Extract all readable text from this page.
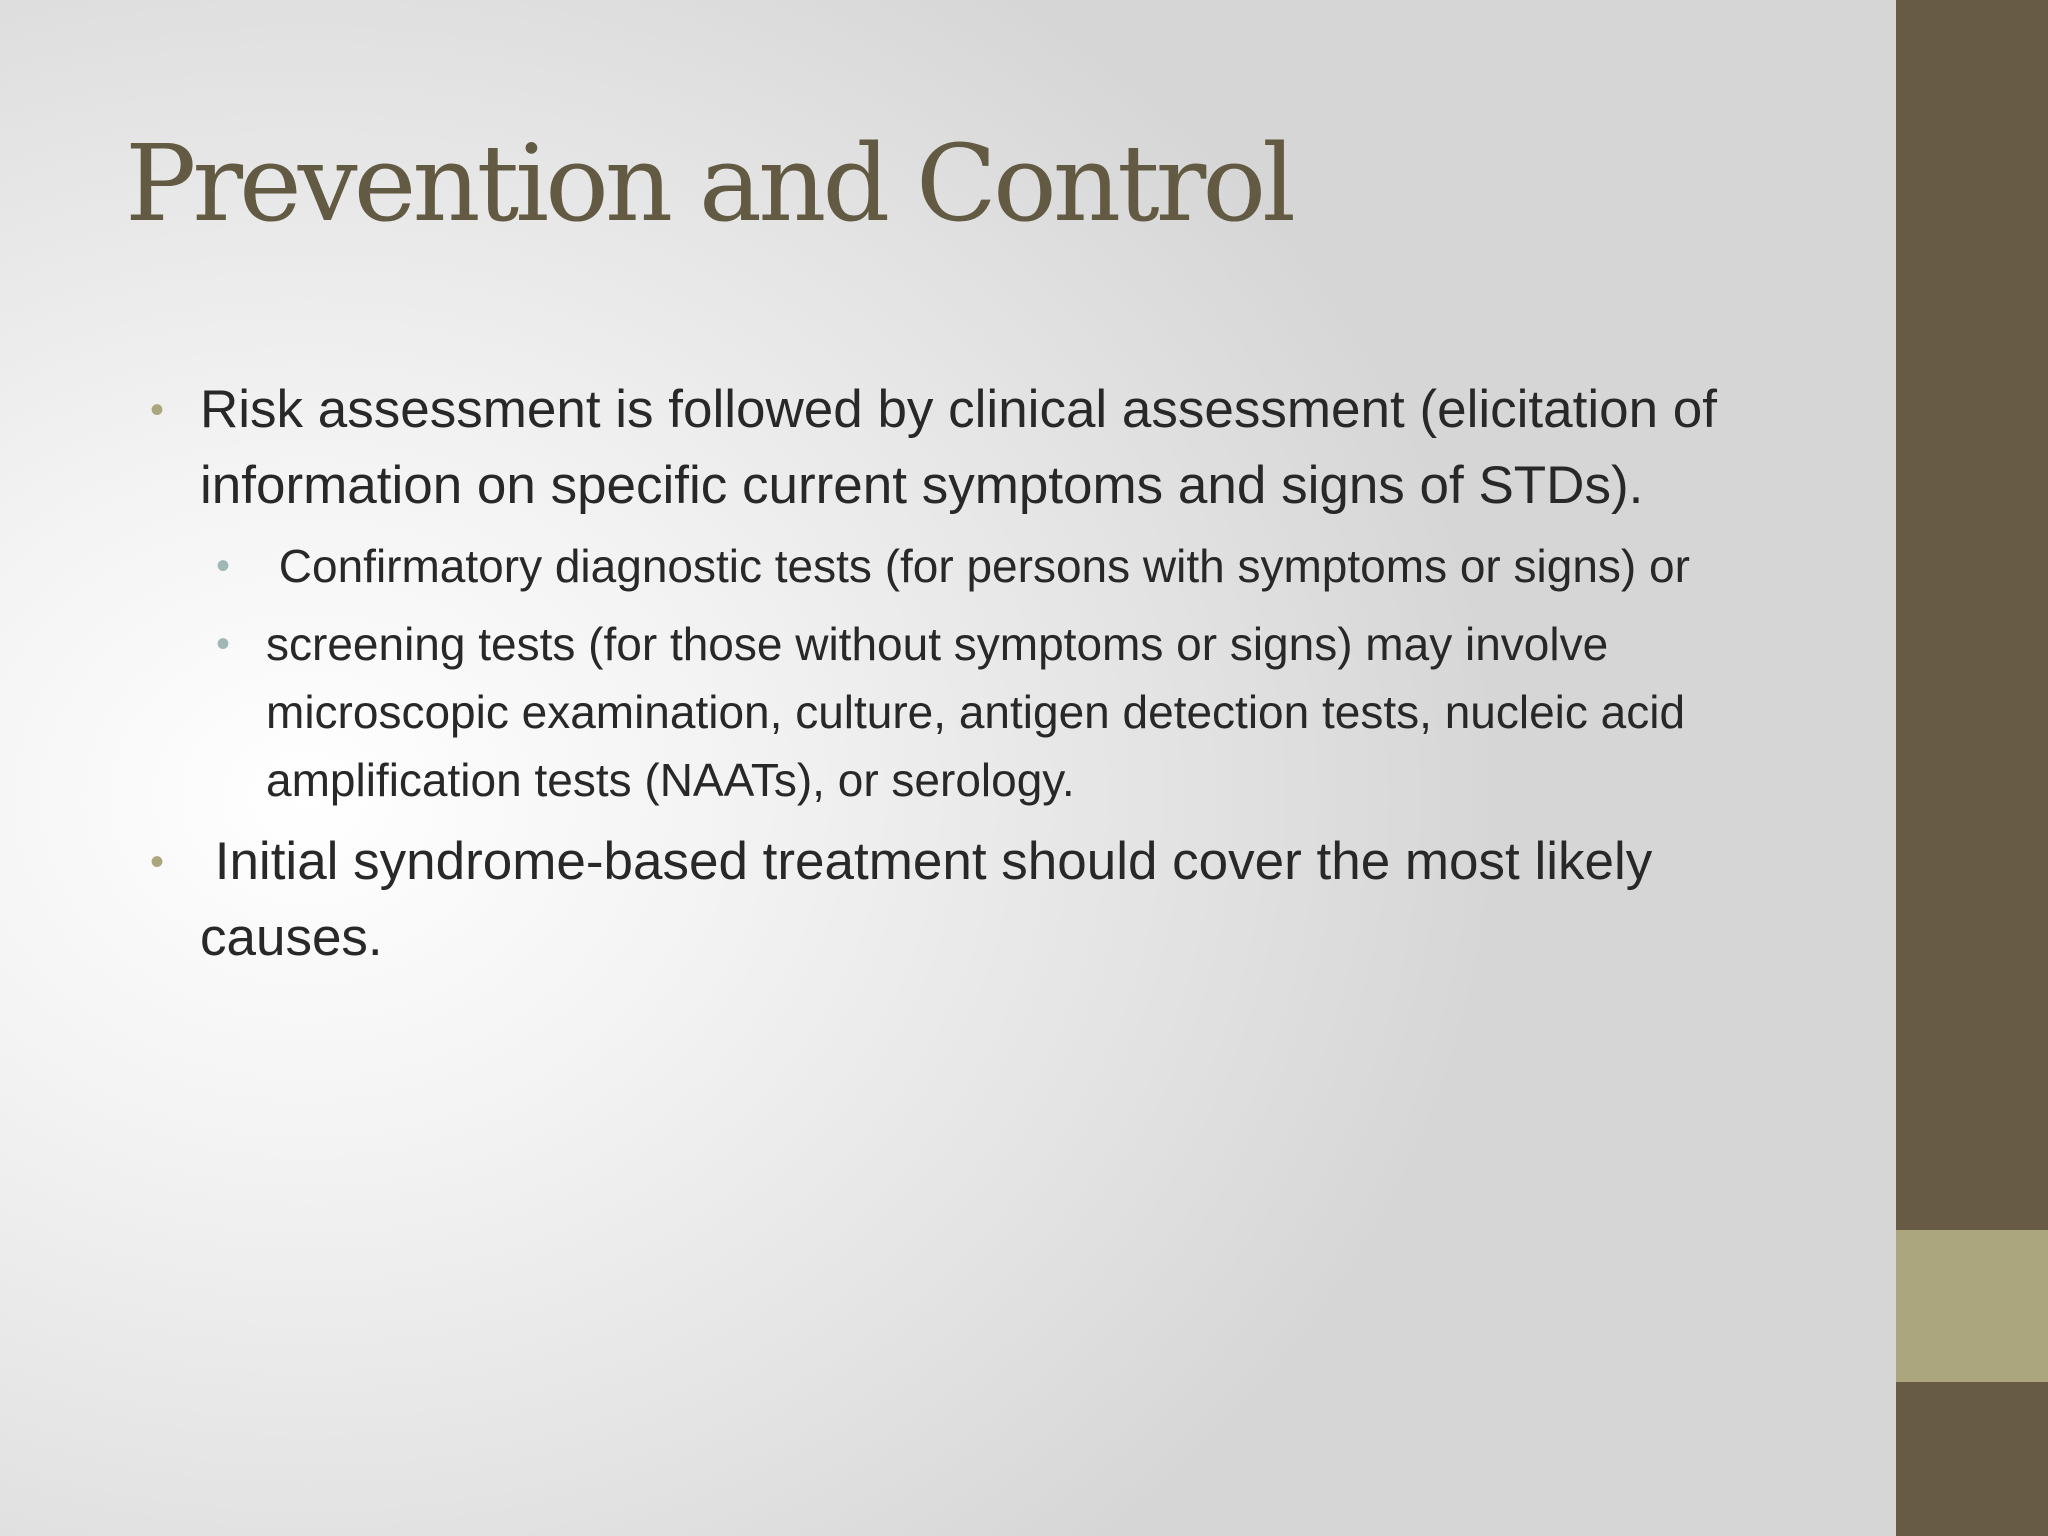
Prevention and Control
• Risk assessment is followed by clinical assessment (elicitation of information on specific current symptoms and signs of STDs).
• Confirmatory diagnostic tests (for persons with symptoms or signs) or
• screening tests (for those without symptoms or signs) may involve microscopic examination, culture, antigen detection tests, nucleic acid amplification tests (NAATs), or serology.
• Initial syndrome-based treatment should cover the most likely causes.
